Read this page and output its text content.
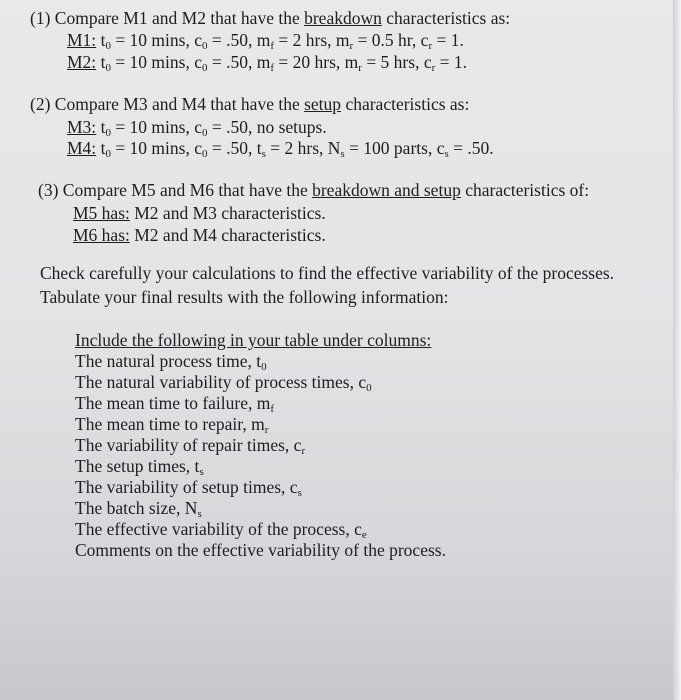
(1) Compare M1 and M2 that have the breakdown characteristics as:
M1: $t_0 = 10$ mins, $c_0 = .50$, $m_f = 2$ hrs, $m_r = 0.5$ hr, $c_r = 1$.
M2: $t_0 = 10$ mins, $c_0 = .50$, $m_f = 20$ hrs, $m_r = 5$ hrs, $c_r = 1$.
(2) Compare M3 and M4 that have the setup characteristics as:
M3: $t_0 = 10$ mins, $c_0 = .50$, no setups.
M4: $t_0 = 10$ mins, $c_0 = .50$, $t_s = 2$ hrs, $N_s = 100$ parts, $c_s = .50$.
(3) Compare M5 and M6 that have the breakdown and setup characteristics of:
M5 has: M2 and M3 characteristics.
M6 has: M2 and M4 characteristics.
Check carefully your calculations to find the effective variability of the processes.
Tabulate your final results with the following information:
Include the following in your table under columns:
The natural process time, $t_0$
The natural variability of process times, $c_0$
The mean time to failure, $m_f$
The mean time to repair, $m_r$
The variability of repair times, $c_r$
The setup times, $t_s$
The variability of setup times, $c_s$
The batch size, $N_s$
The effective variability of the process, $c_e$
Comments on the effective variability of the process.
